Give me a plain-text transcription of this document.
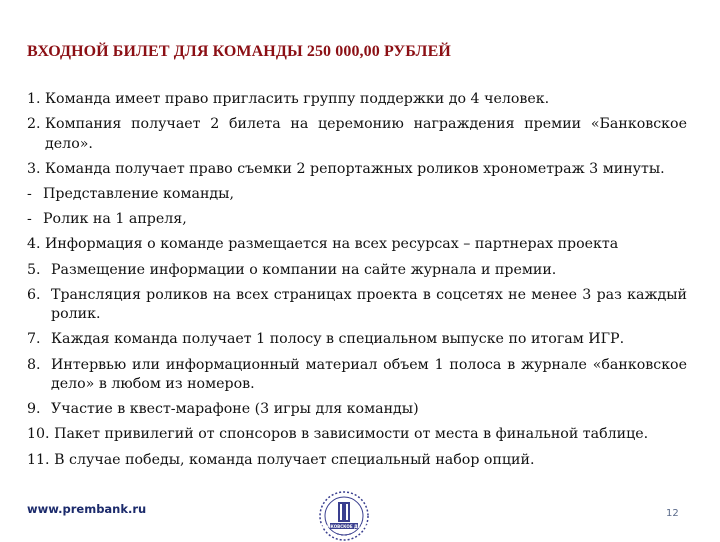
ВХОДНОЙ БИЛЕТ ДЛЯ КОМАНДЫ 250 000,00 РУБЛЕЙ
1. Команда имеет право пригласить группу поддержки до 4 человек.
2. Компания получает 2 билета на церемонию награждения премии «Банковское дело».
3. Команда получает право съемки 2 репортажных роликов хронометраж 3 минуты.
- Представление команды,
- Ролик на 1 апреля,
4. Информация о команде размещается на всех ресурсах – партнерах проекта
5. Размещение информации о компании на сайте журнала и премии.
6. Трансляция роликов на всех страницах проекта в соцсетях не менее 3 раз каждый ролик.
7. Каждая команда получает 1 полосу в специальном выпуске по итогам ИГР.
8. Интервью или информационный материал объем 1 полоса в журнале «банковское дело» в любом из номеров.
9. Участие в квест-марафоне (3 игры для команды)
10. Пакет привилегий от спонсоров в зависимости от места в финальной таблице.
11. В случае победы, команда получает специальный набор опций.
www.prembank.ru
БАНКОВСКОЕ ДЕЛО
12
